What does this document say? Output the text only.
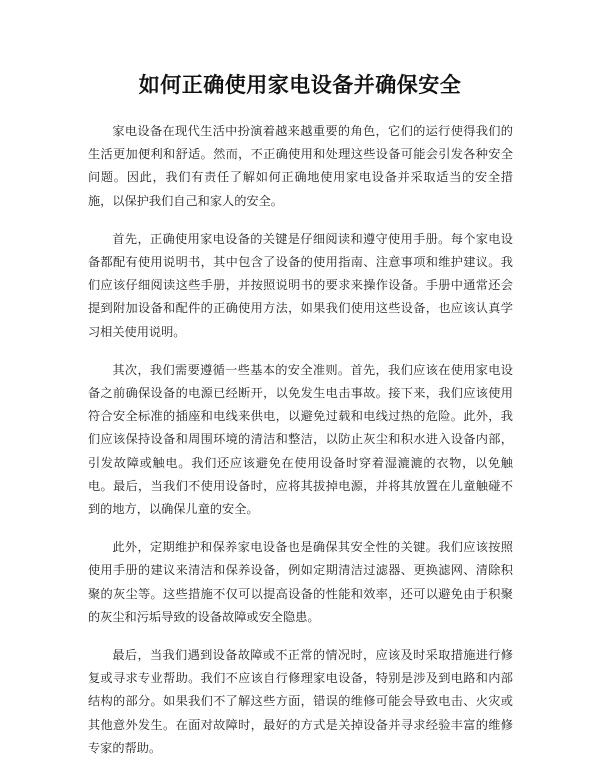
如何正确使用家电设备并确保安全

家电设备在现代生活中扮演着越来越重要的角色，它们的运行使得我们的生活更加便利和舒适。然而，不正确使用和处理这些设备可能会引发各种安全问题。因此，我们有责任了解如何正确地使用家电设备并采取适当的安全措施，以保护我们自己和家人的安全。

首先，正确使用家电设备的关键是仔细阅读和遵守使用手册。每个家电设备都配有使用说明书，其中包含了设备的使用指南、注意事项和维护建议。我们应该仔细阅读这些手册，并按照说明书的要求来操作设备。手册中通常还会提到附加设备和配件的正确使用方法，如果我们使用这些设备，也应该认真学习相关使用说明。

其次，我们需要遵循一些基本的安全准则。首先，我们应该在使用家电设备之前确保设备的电源已经断开，以免发生电击事故。接下来，我们应该使用符合安全标准的插座和电线来供电，以避免过载和电线过热的危险。此外，我们应该保持设备和周围环境的清洁和整洁，以防止灰尘和积水进入设备内部，引发故障或触电。我们还应该避免在使用设备时穿着湿漉漉的衣物，以免触电。最后，当我们不使用设备时，应将其拔掉电源，并将其放置在儿童触碰不到的地方，以确保儿童的安全。

此外，定期维护和保养家电设备也是确保其安全性的关键。我们应该按照使用手册的建议来清洁和保养设备，例如定期清洁过滤器、更换滤网、清除积聚的灰尘等。这些措施不仅可以提高设备的性能和效率，还可以避免由于积聚的灰尘和污垢导致的设备故障或安全隐患。

最后，当我们遇到设备故障或不正常的情况时，应该及时采取措施进行修复或寻求专业帮助。我们不应该自行修理家电设备，特别是涉及到电路和内部结构的部分。如果我们不了解这些方面，错误的维修可能会导致电击、火灾或其他意外发生。在面对故障时，最好的方式是关掉设备并寻求经验丰富的维修专家的帮助。
